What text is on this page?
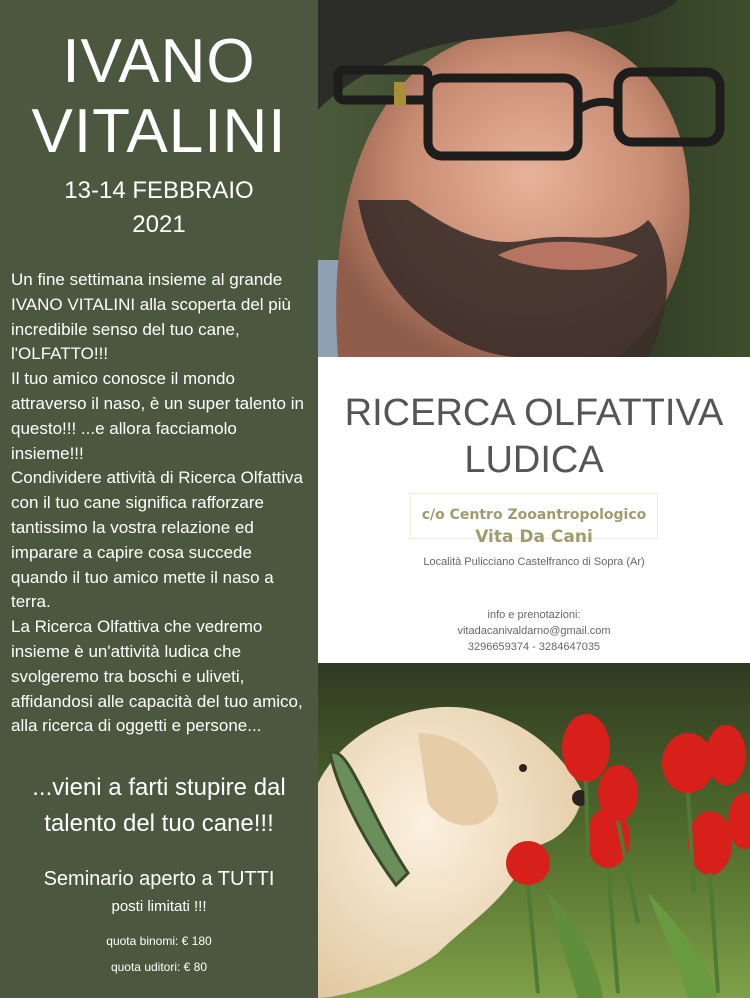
IVANO
VITALINI
13-14 FEBBRAIO
2021

Un fine settimana insieme al grande IVANO VITALINI alla scoperta del più incredibile senso del tuo cane, l'OLFATTO!!!

Il tuo amico conosce il mondo attraverso il naso, è un super talento in questo!!! ...e allora facciamolo insieme!!!

Condividere attività di Ricerca Olfattiva con il tuo cane significa rafforzare tantissimo la vostra relazione ed imparare a capire cosa succede quando il tuo amico mette il naso a terra.

La Ricerca Olfattiva che vedremo insieme è un'attività ludica che svolgeremo tra boschi e uliveti, affidandosi alle capacità del tuo amico, alla ricerca di oggetti e persone...

...vieni a farti stupire dal
talento del tuo cane!!!
Seminario aperto a TUTTI
posti limitati !!!
quota binomi: € 180
quota uditori: € 80
RICERCA OLFATTIVA
LUDICA
c/o Centro Zooantropologico
Vita Da Cani
Località Pulicciano Castelfranco di Sopra (Ar)
info e prenotazioni:
vitadacanivaldarno@gmail.com
3296659374 - 3284647035
